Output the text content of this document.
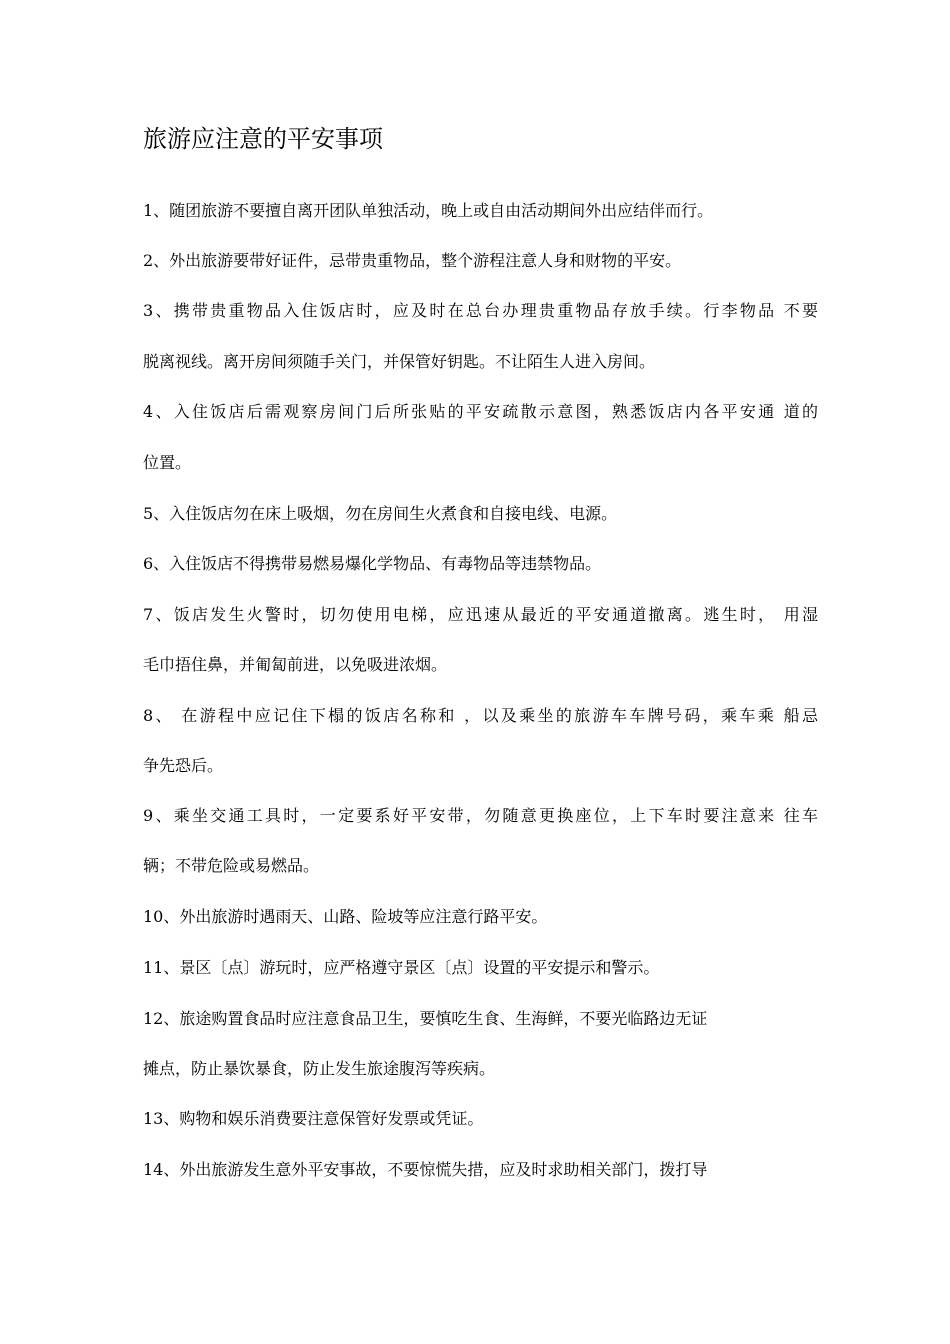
旅游应注意的平安事项
1、随团旅游不要擅自离开团队单独活动，晚上或自由活动期间外出应结伴而行。
2、外出旅游要带好证件，忌带贵重物品，整个游程注意人身和财物的平安。
3、携带贵重物品入住饭店时，应及时在总台办理贵重物品存放手续。行李物品 不要
脱离视线。离开房间须随手关门，并保管好钥匙。不让陌生人进入房间。
4、入住饭店后需观察房间门后所张贴的平安疏散示意图，熟悉饭店内各平安通 道的
位置。
5、入住饭店勿在床上吸烟，勿在房间生火煮食和自接电线、电源。
6、入住饭店不得携带易燃易爆化学物品、有毒物品等违禁物品。
7、饭店发生火警时，切勿使用电梯，应迅速从最近的平安通道撤离。逃生时， 用湿
毛巾捂住鼻，并匍匐前进，以免吸进浓烟。
8、 在游程中应记住下榻的饭店名称和 ，以及乘坐的旅游车车牌号码，乘车乘 船忌
争先恐后。
9、乘坐交通工具时，一定要系好平安带，勿随意更换座位，上下车时要注意来 往车
辆；不带危险或易燃品。
10、外出旅游时遇雨天、山路、险坡等应注意行路平安。
11、景区〔点〕游玩时，应严格遵守景区〔点〕设置的平安提示和警示。
12、旅途购置食品时应注意食品卫生，要慎吃生食、生海鲜，不要光临路边无证
摊点，防止暴饮暴食，防止发生旅途腹泻等疾病。
13、购物和娱乐消费要注意保管好发票或凭证。
14、外出旅游发生意外平安事故，不要惊慌失措，应及时求助相关部门，拨打导
